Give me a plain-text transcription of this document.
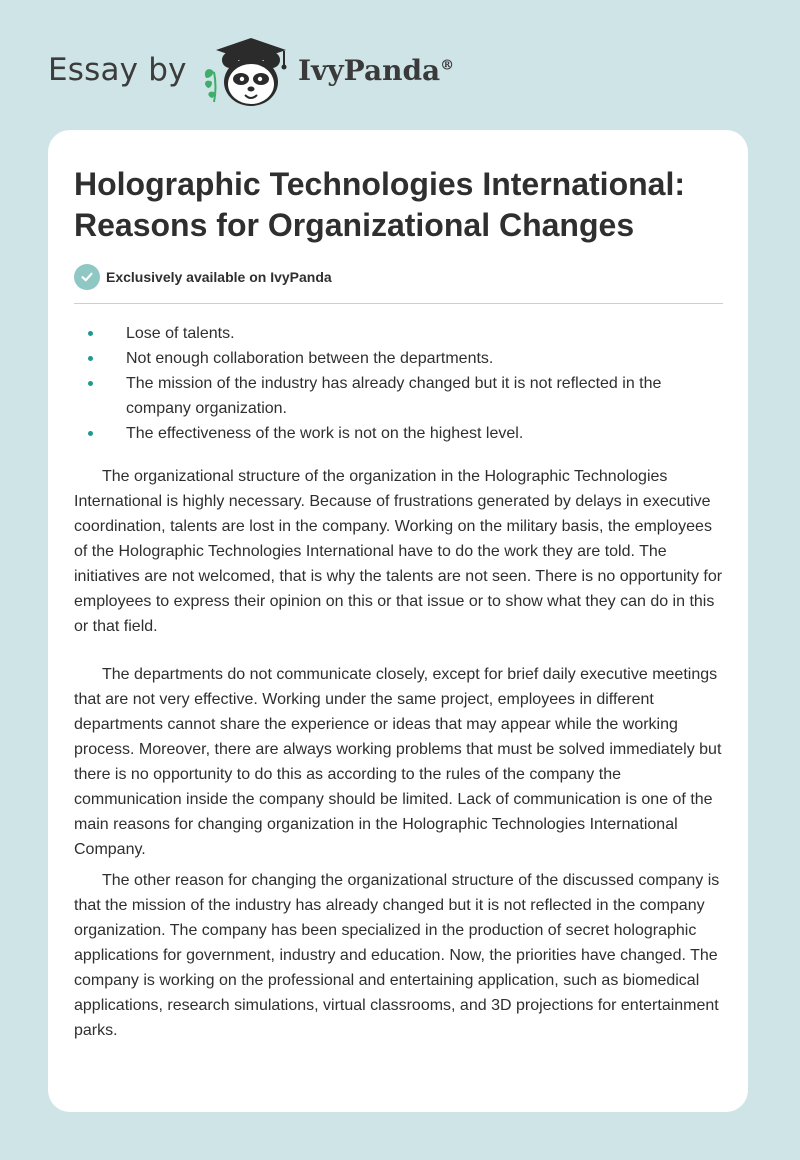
Essay by	IvyPanda®
Holographic Technologies International: Reasons for Organizational Changes
Exclusively available on IvyPanda
Lose of talents.
Not enough collaboration between the departments.
The mission of the industry has already changed but it is not reflected in the company organization.
The effectiveness of the work is not on the highest level.

The organizational structure of the organization in the Holographic Technologies International is highly necessary. Because of frustrations generated by delays in executive coordination, talents are lost in the company. Working on the military basis, the employees of the Holographic Technologies International have to do the work they are told. The initiatives are not welcomed, that is why the talents are not seen. There is no opportunity for employees to express their opinion on this or that issue or to show what they can do in this or that field.

The departments do not communicate closely, except for brief daily executive meetings that are not very effective. Working under the same project, employees in different departments cannot share the experience or ideas that may appear while the working process. Moreover, there are always working problems that must be solved immediately but there is no opportunity to do this as according to the rules of the company the communication inside the company should be limited. Lack of communication is one of the main reasons for changing organization in the Holographic Technologies International Company.

The other reason for changing the organizational structure of the discussed company is that the mission of the industry has already changed but it is not reflected in the company organization. The company has been specialized in the production of secret holographic applications for government, industry and education. Now, the priorities have changed. The company is working on the professional and entertaining application, such as biomedical applications, research simulations, virtual classrooms, and 3D projections for entertainment parks.
